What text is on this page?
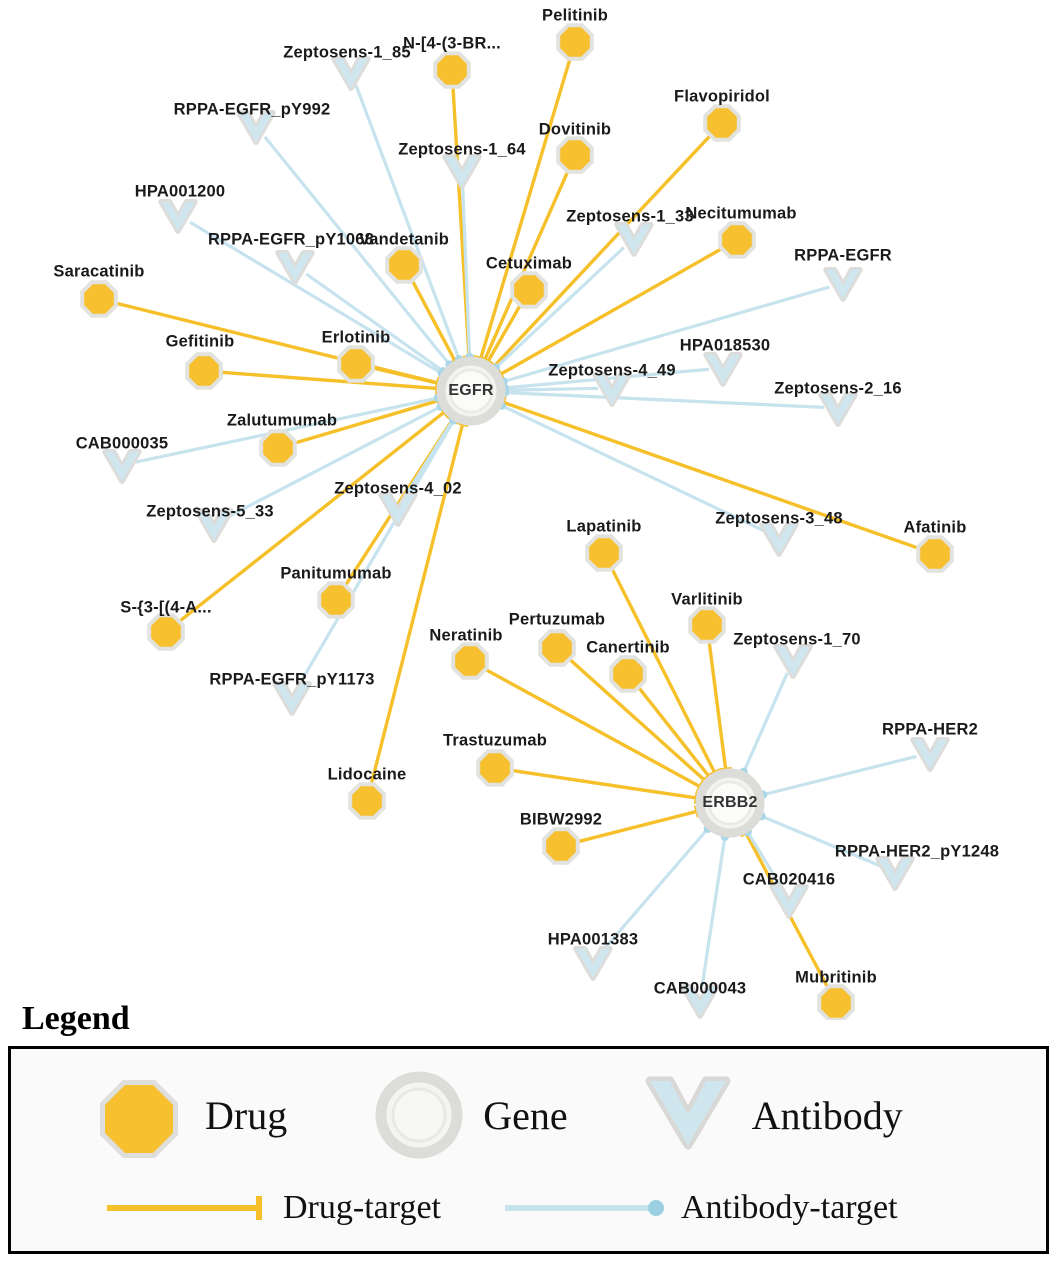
Zeptosens-1_85
RPPA-EGFR_pY992
Zeptosens-1_64
HPA001200
Zeptosens-1_33
RPPA-EGFR_pY1068
RPPA-EGFR
HPA018530
Zeptosens-4_49
Zeptosens-2_16
CAB000035
Zeptosens-4_02
Zeptosens-5_33	Zeptosens-3_48
RPPA-EGFR_pY1173
Zeptosens-1_70
RPPA-HER2
RPPA-HER2_pY1248
CAB020416
HPA001383
CAB000043
Pelitinib
N-[4-(3-BR...
Flavopiridol
Dovitinib
Necitumumab
Vandetanib
Cetuximab
Saracatinib
Erlotinib
Gefitinib
Zalutumumab
Afatinib
Lapatinib
Panitumumab
S-{3-[(4-A...	Varlitinib
Pertuzumab
Neratinib
Canertinib
Trastuzumab
Lidocaine
BIBW2992
Mubritinib
EGFR
ERBB2
Legend
Drug	Gene	Antibody
Drug-target	Antibody-target
